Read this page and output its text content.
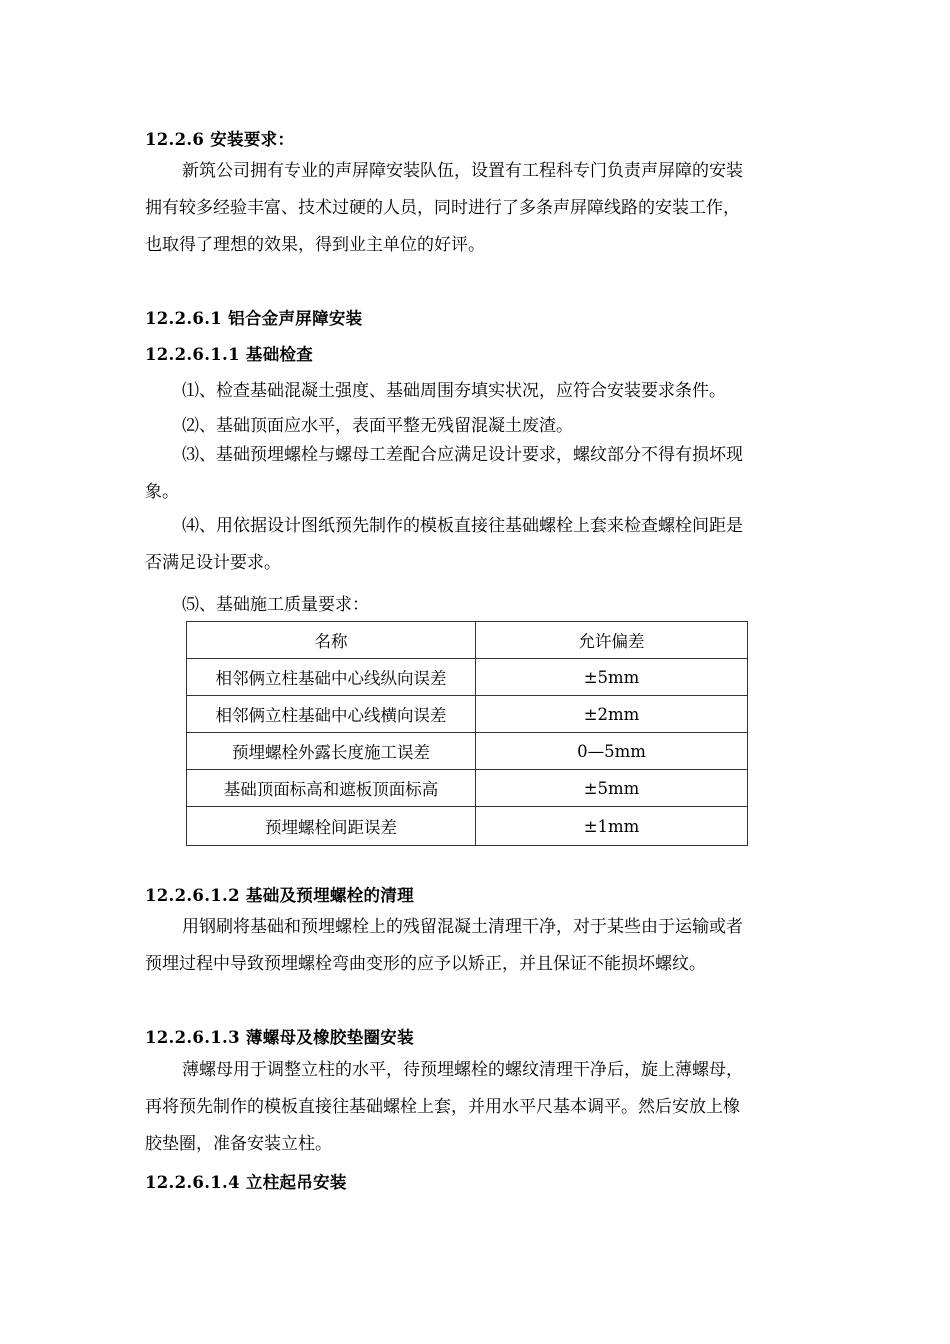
12.2.6 安装要求：
新筑公司拥有专业的声屏障安装队伍，设置有工程科专门负责声屏障的安装
拥有较多经验丰富、技术过硬的人员，同时进行了多条声屏障线路的安装工作，
也取得了理想的效果，得到业主单位的好评。
12.2.6.1 铝合金声屏障安装
12.2.6.1.1 基础检查
⑴、检查基础混凝土强度、基础周围夯填实状况，应符合安装要求条件。
⑵、基础顶面应水平，表面平整无残留混凝土废渣。
⑶、基础预埋螺栓与螺母工差配合应满足设计要求，螺纹部分不得有损坏现
象。
⑷、用依据设计图纸预先制作的模板直接往基础螺栓上套来检查螺栓间距是
否满足设计要求。
⑸、基础施工质量要求：
名称	允许偏差
相邻俩立柱基础中心线纵向误差	±5mm
相邻俩立柱基础中心线横向误差	±2mm
预埋螺栓外露长度施工误差	0—5mm
基础顶面标高和遮板顶面标高	±5mm
预埋螺栓间距误差	±1mm
12.2.6.1.2 基础及预埋螺栓的清理
用钢刷将基础和预埋螺栓上的残留混凝土清理干净，对于某些由于运输或者
预埋过程中导致预埋螺栓弯曲变形的应予以矫正，并且保证不能损坏螺纹。
12.2.6.1.3 薄螺母及橡胶垫圈安装
薄螺母用于调整立柱的水平，待预埋螺栓的螺纹清理干净后，旋上薄螺母，
再将预先制作的模板直接往基础螺栓上套，并用水平尺基本调平。然后安放上橡
胶垫圈，准备安装立柱。
12.2.6.1.4 立柱起吊安装
